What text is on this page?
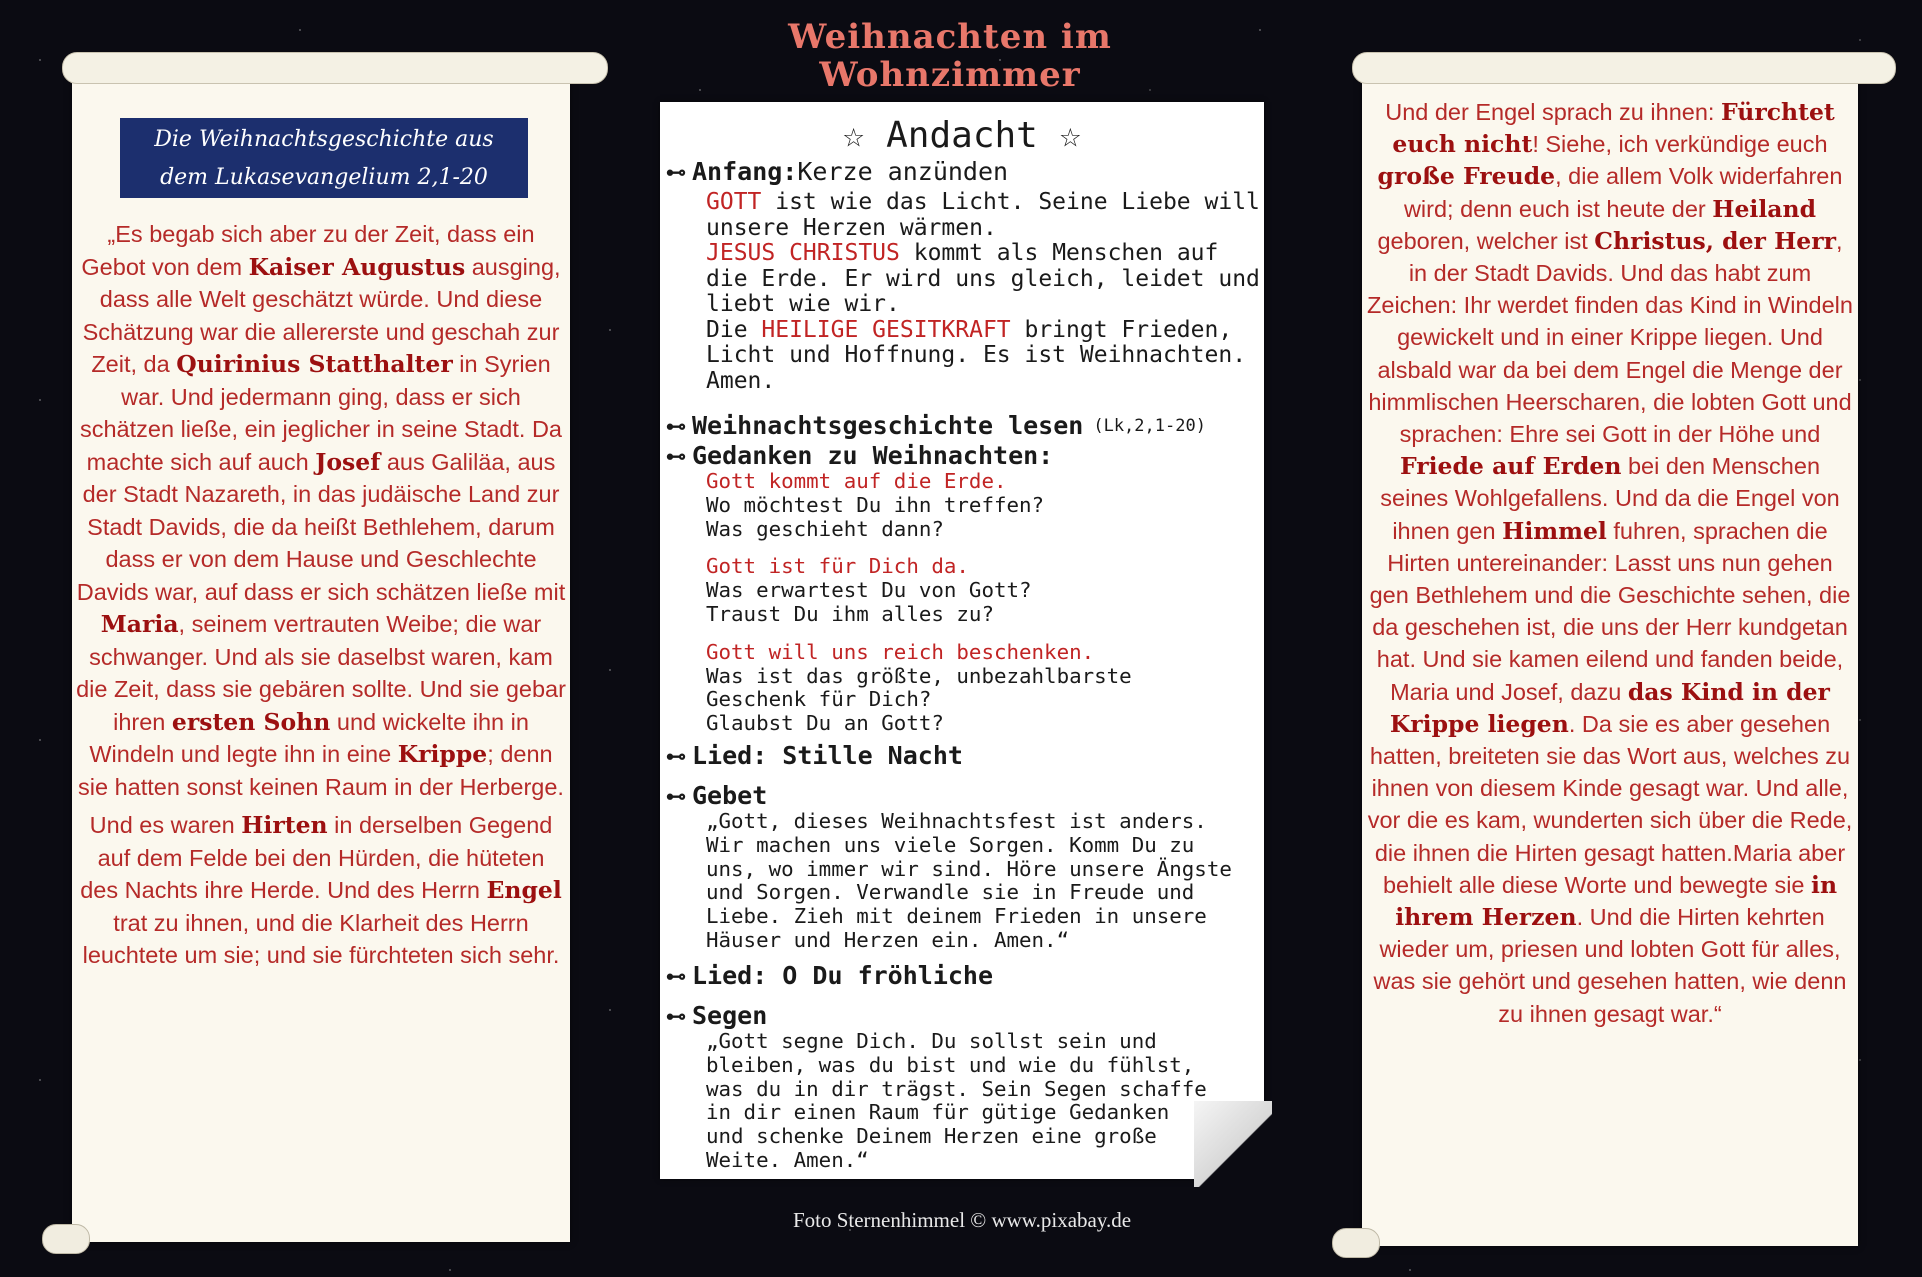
Weihnachten im
Wohnzimmer
Die Weihnachtsgeschichte aus
dem Lukasevangelium 2,1-20

„Es begab sich aber zu der Zeit, dass ein Gebot von dem Kaiser Augustus ausging, dass alle Welt geschätzt würde. Und diese Schätzung war die allererste und geschah zur Zeit, da Quirinius Statthalter in Syrien war. Und jedermann ging, dass er sich schätzen ließe, ein jeglicher in seine Stadt. Da machte sich auf auch Josef aus Galiläa, aus der Stadt Nazareth, in das judäische Land zur Stadt Davids, die da heißt Bethlehem, darum dass er von dem Hause und Geschlechte Davids war, auf dass er sich schätzen ließe mit Maria, seinem vertrauten Weibe; die war schwanger. Und als sie daselbst waren, kam die Zeit, dass sie gebären sollte. Und sie gebar ihren ersten Sohn und wickelte ihn in Windeln und legte ihn in eine Krippe; denn sie hatten sonst keinen Raum in der Herberge.

Und es waren Hirten in derselben Gegend auf dem Felde bei den Hürden, die hüteten des Nachts ihre Herde. Und des Herrn Engel trat zu ihnen, und die Klarheit des Herrn leuchtete um sie; und sie fürchteten sich sehr.

☆ Andacht ☆
⊷ Anfang: Kerze anzünden
GOTT ist wie das Licht. Seine Liebe will unsere Herzen wärmen.
JESUS CHRISTUS kommt als Menschen auf die Erde. Er wird uns gleich, leidet und liebt wie wir.
Die HEILIGE GESITKRAFT bringt Frieden, Licht und Hoffnung. Es ist Weihnachten. Amen.
⊷ Weihnachtsgeschichte lesen (Lk,2,1-20)
⊷ Gedanken zu Weihnachten:
Gott kommt auf die Erde.
Wo möchtest Du ihn treffen?
Was geschieht dann?
Gott ist für Dich da.
Was erwartest Du von Gott?
Traust Du ihm alles zu?
Gott will uns reich beschenken.
Was ist das größte, unbezahlbarste
Geschenk für Dich?
Glaubst Du an Gott?
⊷ Lied: Stille Nacht
⊷ Gebet
„Gott, dieses Weihnachtsfest ist anders.
Wir machen uns viele Sorgen. Komm Du zu
uns, wo immer wir sind. Höre unsere Ängste
und Sorgen. Verwandle sie in Freude und
Liebe. Zieh mit deinem Frieden in unsere
Häuser und Herzen ein. Amen.“
⊷ Lied: O Du fröhliche
⊷ Segen
„Gott segne Dich. Du sollst sein und
bleiben, was du bist und wie du fühlst,
was du in dir trägst. Sein Segen schaffe
in dir einen Raum für gütige Gedanken
und schenke Deinem Herzen eine große
Weite. Amen.“
Foto Sternenhimmel © www.pixabay.de

Und der Engel sprach zu ihnen: Fürchtet euch nicht! Siehe, ich verkündige euch große Freude, die allem Volk widerfahren wird; denn euch ist heute der Heiland geboren, welcher ist Christus, der Herr, in der Stadt Davids. Und das habt zum Zeichen: Ihr werdet finden das Kind in Windeln gewickelt und in einer Krippe liegen. Und alsbald war da bei dem Engel die Menge der himmlischen Heerscharen, die lobten Gott und sprachen: Ehre sei Gott in der Höhe und Friede auf Erden bei den Menschen seines Wohlgefallens. Und da die Engel von ihnen gen Himmel fuhren, sprachen die Hirten untereinander: Lasst uns nun gehen gen Bethlehem und die Geschichte sehen, die da geschehen ist, die uns der Herr kundgetan hat. Und sie kamen eilend und fanden beide, Maria und Josef, dazu das Kind in der Krippe liegen. Da sie es aber gesehen hatten, breiteten sie das Wort aus, welches zu ihnen von diesem Kinde gesagt war. Und alle, vor die es kam, wunderten sich über die Rede, die ihnen die Hirten gesagt hatten.Maria aber behielt alle diese Worte und bewegte sie in ihrem Herzen. Und die Hirten kehrten wieder um, priesen und lobten Gott für alles, was sie gehört und gesehen hatten, wie denn zu ihnen gesagt war.“
